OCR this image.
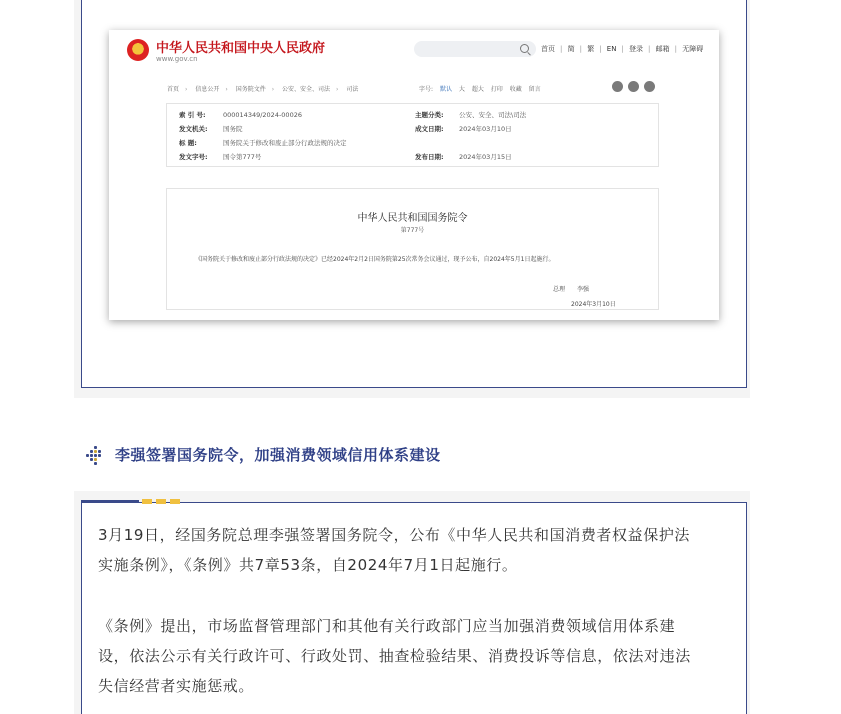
中华人民共和国中央人民政府
www.gov.cn
首页 | 简 | 繁 | EN | 登录 | 邮箱 | 无障碍
首页 › 信息公开 › 国务院文件 › 公安、安全、司法 › 司法	字号: 默认 大 超大 打印 收藏 留言

索 引 号:	000014349/2024-00026	主题分类: 公安、安全、司法\司法
发文机关: 国务院	成文日期: 2024年03月10日
标 题:	国务院关于修改和废止部分行政法规的决定
发文字号: 国令第777号	发布日期: 2024年03月15日
中华人民共和国国务院令
第777号
《国务院关于修改和废止部分行政法规的决定》已经2024年2月2日国务院第25次常务会议通过，现予公布，自2024年5月1日起施行。
总理　　李强
2024年3月10日
李强签署国务院令，加强消费领域信用体系建设
3月19日，经国务院总理李强签署国务院令，公布《中华人民共和国消费者权益保护法
实施条例》，《条例》共7章53条，自2024年7月1日起施行。
《条例》提出，市场监督管理部门和其他有关行政部门应当加强消费领域信用体系建
设，依法公示有关行政许可、行政处罚、抽查检验结果、消费投诉等信息，依法对违法
失信经营者实施惩戒。
